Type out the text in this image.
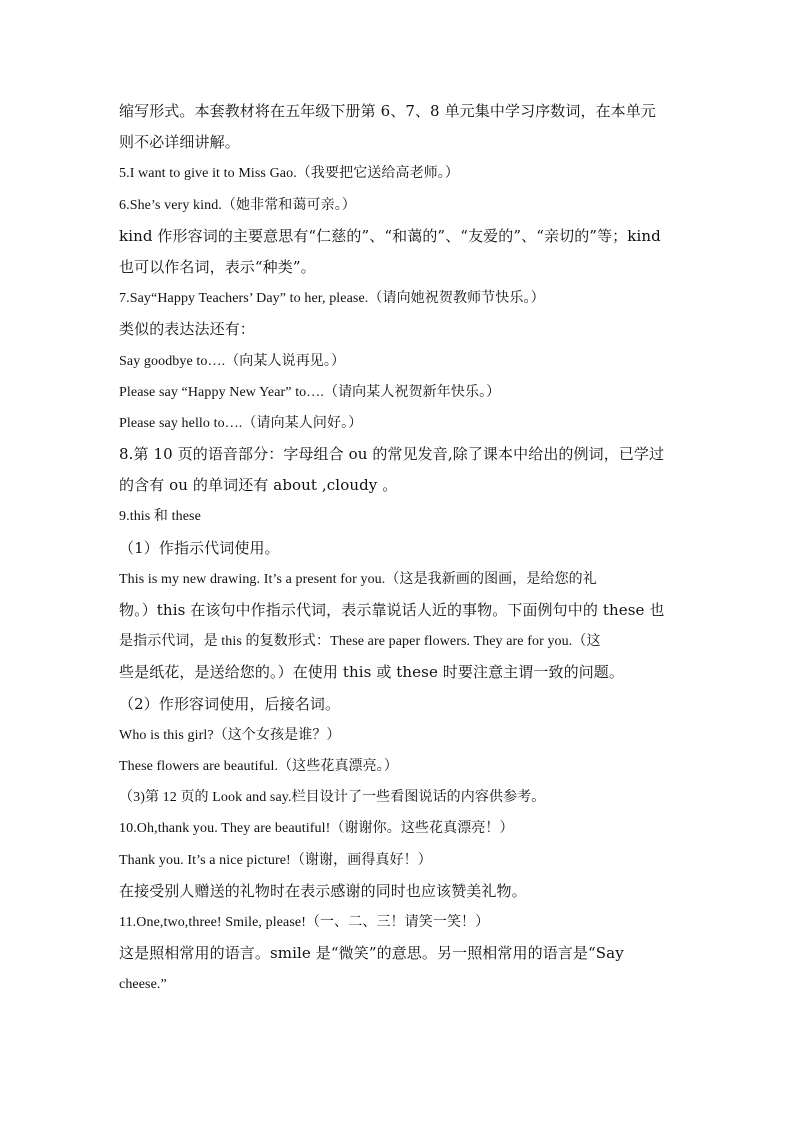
缩写形式。本套教材将在五年级下册第 6、7、8 单元集中学习序数词，在本单元
则不必详细讲解。
5.I want to give it to Miss Gao.（我要把它送给高老师。）
6.She’s very kind.（她非常和蔼可亲。）
kind 作形容词的主要意思有“仁慈的”、“和蔼的”、“友爱的”、“亲切的”等；kind
也可以作名词，表示“种类”。
7.Say“Happy Teachers’ Day” to her, please.（请向她祝贺教师节快乐。）
类似的表达法还有：
Say goodbye to….（向某人说再见。）
Please say “Happy New Year” to….（请向某人祝贺新年快乐。）
Please say hello to….（请向某人问好。）
8.第 10 页的语音部分：字母组合 ou 的常见发音,除了课本中给出的例词，已学过
的含有 ou 的单词还有 about ,cloudy 。
9.this 和 these
（1）作指示代词使用。
This is my new drawing. It’s a present for you.（这是我新画的图画，是给您的礼
物。）this 在该句中作指示代词，表示靠说话人近的事物。下面例句中的 these 也
是指示代词，是 this 的复数形式：These are paper flowers. They are for you.（这
些是纸花，是送给您的。）在使用 this 或 these 时要注意主谓一致的问题。
（2）作形容词使用，后接名词。
Who is this girl?（这个女孩是谁？）
These flowers are beautiful.（这些花真漂亮。）
（3)第 12 页的 Look and say.栏目设计了一些看图说话的内容供参考。
10.Oh,thank you. They are beautiful!（谢谢你。这些花真漂亮！）
Thank you. It’s a nice picture!（谢谢，画得真好！）
在接受别人赠送的礼物时在表示感谢的同时也应该赞美礼物。
11.One,two,three! Smile, please!（一、二、三！请笑一笑！）
这是照相常用的语言。smile 是“微笑”的意思。另一照相常用的语言是“Say
cheese.”
